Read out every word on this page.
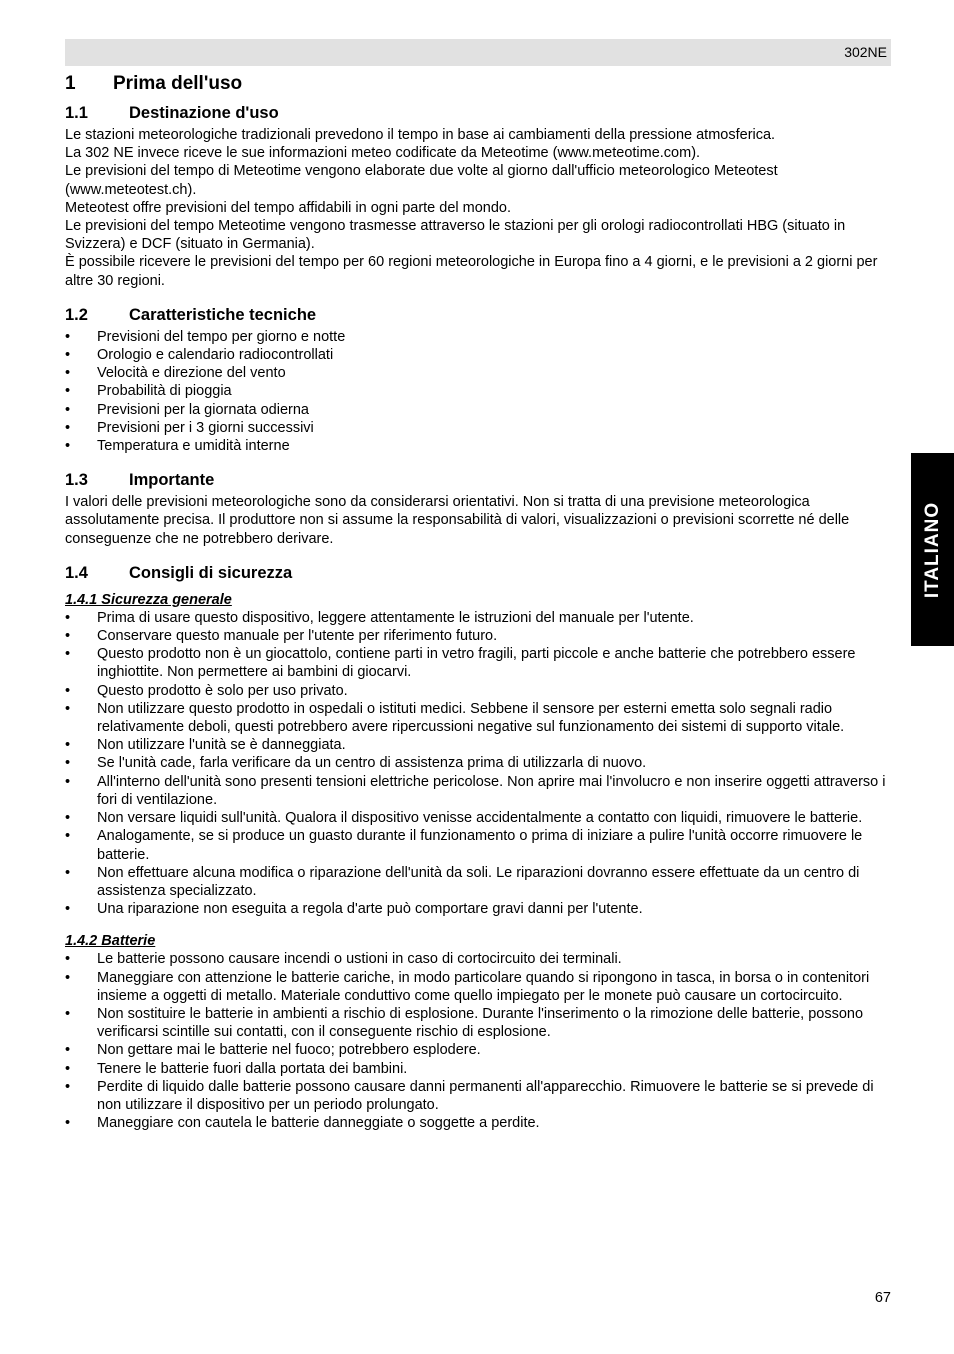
302NE
ITALIANO
1	Prima dell'uso
1.1	Destinazione d'uso

Le stazioni meteorologiche tradizionali prevedono il tempo in base ai cambiamenti della pressione atmosferica.

La 302 NE invece riceve le sue informazioni meteo codificate da Meteotime (www.meteotime.com).

Le previsioni del tempo di Meteotime vengono elaborate due volte al giorno dall'ufficio meteorologico Meteotest (www.meteotest.ch).

Meteotest offre previsioni del tempo affidabili in ogni parte del mondo.

Le previsioni del tempo Meteotime vengono trasmesse attraverso le stazioni per gli orologi radiocontrollati HBG (situato in Svizzera) e DCF (situato in Germania).

È possibile ricevere le previsioni del tempo per 60 regioni meteorologiche in Europa fino a 4 giorni, e le previsioni a 2 giorni per altre 30 regioni.

1.2	Caratteristiche tecniche
• Previsioni del tempo per giorno e notte
• Orologio e calendario radiocontrollati
• Velocità e direzione del vento
• Probabilità di pioggia
• Previsioni per la giornata odierna
• Previsioni per i 3 giorni successivi
• Temperatura e umidità interne
1.3	Importante

I valori delle previsioni meteorologiche sono da considerarsi orientativi. Non si tratta di una previsione meteorologica assolutamente precisa. Il produttore non si assume la responsabilità di valori, visualizzazioni o previsioni scorrette né delle conseguenze che ne potrebbero derivare.

1.4	Consigli di sicurezza
1.4.1 Sicurezza generale
• Prima di usare questo dispositivo, leggere attentamente le istruzioni del manuale per l'utente.
• Conservare questo manuale per l'utente per riferimento futuro.
• Questo prodotto non è un giocattolo, contiene parti in vetro fragili, parti piccole e anche batterie che potrebbero essere inghiottite. Non permettere ai bambini di giocarvi.
• Questo prodotto è solo per uso privato.
• Non utilizzare questo prodotto in ospedali o istituti medici. Sebbene il sensore per esterni emetta solo segnali radio relativamente deboli, questi potrebbero avere ripercussioni negative sul funzionamento dei sistemi di supporto vitale.
• Non utilizzare l'unità se è danneggiata.
• Se l'unità cade, farla verificare da un centro di assistenza prima di utilizzarla di nuovo.
• All'interno dell'unità sono presenti tensioni elettriche pericolose. Non aprire mai l'involucro e non inserire oggetti attraverso i fori di ventilazione.
• Non versare liquidi sull'unità. Qualora il dispositivo venisse accidentalmente a contatto con liquidi, rimuovere le batterie.
• Analogamente, se si produce un guasto durante il funzionamento o prima di iniziare a pulire l'unità occorre rimuovere le batterie.
• Non effettuare alcuna modifica o riparazione dell'unità da soli. Le riparazioni dovranno essere effettuate da un centro di assistenza specializzato.
• Una riparazione non eseguita a regola d'arte può comportare gravi danni per l'utente.
1.4.2 Batterie
• Le batterie possono causare incendi o ustioni in caso di cortocircuito dei terminali.
• Maneggiare con attenzione le batterie cariche, in modo particolare quando si ripongono in tasca, in borsa o in contenitori insieme a oggetti di metallo. Materiale conduttivo come quello impiegato per le monete può causare un cortocircuito.
• Non sostituire le batterie in ambienti a rischio di esplosione. Durante l'inserimento o la rimozione delle batterie, possono verificarsi scintille sui contatti, con il conseguente rischio di esplosione.
• Non gettare mai le batterie nel fuoco; potrebbero esplodere.
• Tenere le batterie fuori dalla portata dei bambini.
• Perdite di liquido dalle batterie possono causare danni permanenti all'apparecchio. Rimuovere le batterie se si prevede di non utilizzare il dispositivo per un periodo prolungato.
• Maneggiare con cautela le batterie danneggiate o soggette a perdite.
67
